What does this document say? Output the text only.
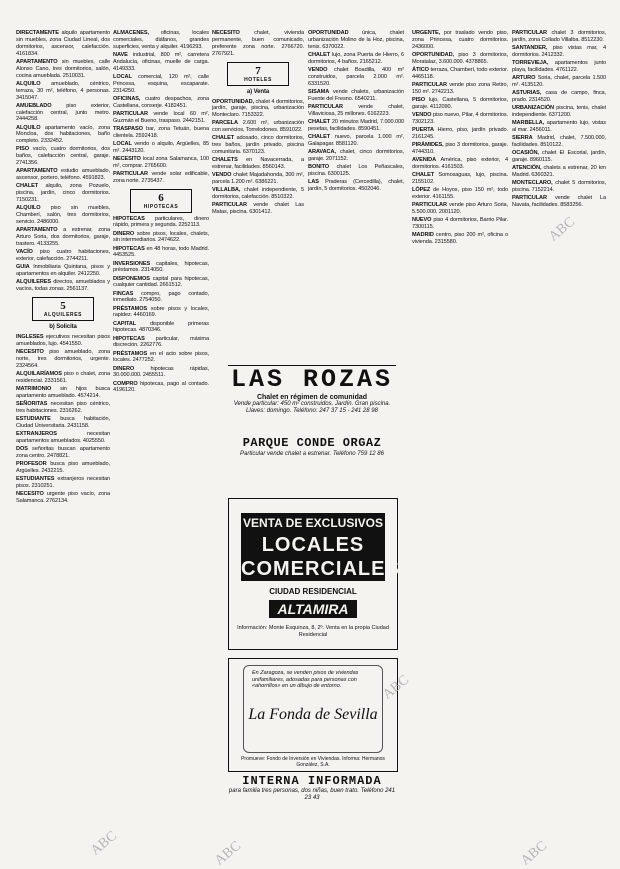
DIRECTAMENTE alquilo apartamento sin muebles, zona Ciudad Lineal, dos dormitorios, ascensor, calefacción. 4161834.
APARTAMENTO sin muebles, calle Alonso Cano, tres dormitorios, salón, cocina amueblada. 2510031.
ALQUILO amueblado, céntrico, terraza, 30 m², teléfono, 4 personas. 3415047.
AMUEBLADO	piso exterior, calefacción central, junto metro. 2444258.
ALQUILO apartamento vacío, zona Moncloa, dos habitaciones, baño completo. 2332452.
PISO vacío, cuatro dormitorios, dos baños, calefacción central, garaje. 2741356.
APARTAMENTO estudio amueblado, ascensor, portero, teléfono. 4591823.
CHALET alquilo, zona Pozuelo, piscina, jardín, cinco dormitorios. 7150231.
ALQUILO piso sin muebles, Chamberí, salón, tres dormitorios, servicio. 2486000.
APARTAMENTO a estrenar, zona Arturo Soria, dos dormitorios, garaje, trastero. 4133255.
VACÍO piso cuatro habitaciones, exterior, calefacción. 2744211.
GUIA Inmobiliaria Quintana, pisos y apartamentos en alquiler. 2412250.
ALQUILERES directos, amueblados y vacíos, todas zonas. 2561137.
5
ALQUILERES
b) Solicita
INGLESES ejecutivos necesitan pisos amueblados, lujo. 4541550.
NECESITO piso amueblado, zona norte, tres dormitorios, urgente. 2324564.
ALQUILARÍAMOS piso o chalet, zona residencial. 2331561.
MATRIMONIO sin hijos busca apartamento amueblado. 4574214.
SEÑORITAS necesitan piso céntrico, tres habitaciones. 2316262.
ESTUDIANTE busca habitación, Ciudad Universitaria. 2431158.
EXTRANJEROS	necesitan apartamentos amueblados. 4025550.
DOS señoritas buscan apartamento zona centro. 2478821.
PROFESOR busca piso amueblado, Argüelles. 2432215.
ESTUDIANTES extranjeros necesitan pisos. 2310251.
NECESITO urgente piso vacío, zona Salamanca. 2762134.
ALMACENES, oficinas, locales comerciales, diáfanos, grandes superficies, venta y alquiler. 4196293.
NAVE industrial, 800 m², carretera Andalucía, oficinas, muelle de carga. 4149333.
LOCAL comercial, 120 m², calle Princesa, esquina, escaparate. 2314250.
OFICINAS, cuatro despachos, zona Castellana, conserje. 4182451.
PARTICULAR vende local 60 m², Guzmán el Bueno, traspaso. 2442151.
TRASPASO bar, zona Tetuán, buena clientela. 2592418.
LOCAL vendo o alquilo, Argüelles, 85 m². 2443120.
NECESITO local zona Salamanca, 100 m², comprar. 2765600.
PARTICULAR vende solar edificable, zona norte. 2735437.
6
HIPOTECAS
HIPOTECAS particulares, dinero rápido, primera y segunda. 2252113.
DINERO sobre pisos, locales, chalets, sin intermediarios. 2474622.
HIPOTECAS en 48 horas, todo Madrid. 4453525.
INVERSIONES capitales, hipotecas, préstamos. 2314050.
DISPONEMOS capital para hipotecas, cualquier cantidad. 2661512.
FINCAS compro, pago contado, inmediato. 2754050.
PRÉSTAMOS sobre pisos y locales, rapidez. 4460169.
CAPITAL disponible primeras hipotecas. 4870346.
HIPOTECAS particular, máxima discreción. 2262776.
PRÉSTAMOS en el acto sobre pisos, locales. 2477252.
DINERO	hipotecas rápidas, 30.000.000. 2455511.
COMPRO hipotecas, pago al contado. 4196120.
NECESITO	chalet, vivienda permanente, buen comunicado, preferente zona norte. 2766720. 2767921.
7
HOTELES
a) Venta
OPORTUNIDAD, chalet 4 dormitorios, jardín, garaje, piscina, urbanización Monteclaro. 7153322.
PARCELA 2.600 m², urbanización con servicios, Torrelodones. 8591022.
CHALET adosado, cinco dormitorios, tres baños, jardín privado, piscina comunitaria. 6370123.
CHALETS en Navacerrada, a estrenar, facilidades. 8560143.
VENDO chalet Majadahonda, 300 m², parcela 1.200 m². 6386221.
VILLALBA, chalet independiente, 5 dormitorios, calefacción. 8510322.
PARTICULAR vende chalet Las Matas, piscina. 6301412.
OPORTUNIDAD única, chalet urbanización Molino de la Hoz, piscina, tenis. 6370022.
CHALET lujo, zona Puerta de Hierro, 6 dormitorios, 4 baños. 2165212.
VENDO chalet Boadilla, 400 m² construidos, parcela 2.000 m². 6331520.
SISAMA vende chalets, urbanización Fuente del Fresno. 6540211.
PARTICULAR	vende chalet, Villaviciosa, 25 millones. 6162223.
CHALET 20 minutos Madrid, 7.000.000 pesetas, facilidades. 8590451.
CHALET nuevo, parcela 1.000 m², Galapagar. 8581120.
ARAVACA, chalet, cinco dormitorios, garaje. 2071152.
BONITO chalet Los Peñascales, piscina. 6300125.
LAS Praderas (Cercedilla), chalet, jardín, 5 dormitorios. 4502046.
URGENTE, por traslado vendo piso, zona Princesa, cuatro dormitorios. 2436000.
OPORTUNIDAD, piso 3 dormitorios, Moratalaz, 3.600.000. 4378865.
ÁTICO terraza, Chamberí, todo exterior. 4465118.
PARTICULAR vende piso zona Retiro, 150 m². 2742213.
PISO lujo, Castellana, 5 dormitorios, garaje. 4112090.
VENDO piso nuevo, Pilar, 4 dormitorios. 7302123.
PUERTA Hierro, piso, jardín privado. 2161245.
PIRÁMIDES, piso 3 dormitorios, garaje. 4744310.
AVENIDA América, piso exterior, 4 dormitorios. 4161503.
CHALET Somosaguas, lujo, piscina. 2155102.
LÓPEZ de Hoyos, piso 150 m², todo exterior. 4161155.
PARTICULAR vende piso Arturo Soria, 5.500.000. 2001120.
NUEVO piso 4 dormitorios, Barrio Pilar. 7300115.
MADRID centro, piso 200 m², oficina o vivienda. 2315580.
PARTICULAR chalet 3 dormitorios, jardín, zona Collado Villalba. 8512230.
SANTANDER, piso vistas mar, 4 dormitorios. 2412332.
TORREVIEJA, apartamentos junto playa, facilidades. 4761122.
ARTURO Soria, chalet, parcela 1.500 m². 4135120.
ASTURIAS, casa de campo, finca, prado. 2314520.
URBANIZACIÓN piscina, tenis, chalet independiente. 6371200.
MARBELLA, apartamento lujo, vistas al mar. 2456011.
SIERRA Madrid, chalet, 7.500.000, facilidades. 8510122.
OCASIÓN, chalet El Escorial, jardín, garaje. 8960115.
ATENCIÓN, chalets a estrenar, 20 km Madrid. 6360321.
MONTECLARO, chalet 5 dormitorios, piscina. 7152214.
PARTICULAR vende chalet La Navata, facilidades. 8583256.
LAS ROZAS
Chalet en régimen de comunidad
Vende particular: 450 m² construidos. Jardín. Gran piscina. Llaves: domingo. Teléfono: 247 37 15 - 241 28 98
PARQUE CONDE ORGAZ
Particular vende chalet a estrenar. Teléfono 759 12 86
VENTA DE EXCLUSIVOS
LOCALES
COMERCIALES
CIUDAD RESIDENCIAL
ALTAMIRA
Información: Monte Esquinza, 8, 2º. Venta en la propia Ciudad Residencial
En Zaragoza, se venden pisos de viviendas unifamiliares, adosadas para personas con «ahorrillos» en un dibujo de entorno.
La Fonda de Sevilla
Promueve: Fondo de Inversión en Viviendas. Informa: Hermanos González, S.A.
INTERNA INFORMADA
para familia tres personas, dos niñas, buen trato. Teléfono 241 23 43
ABC	ABC
ABC
ABC
ABC
